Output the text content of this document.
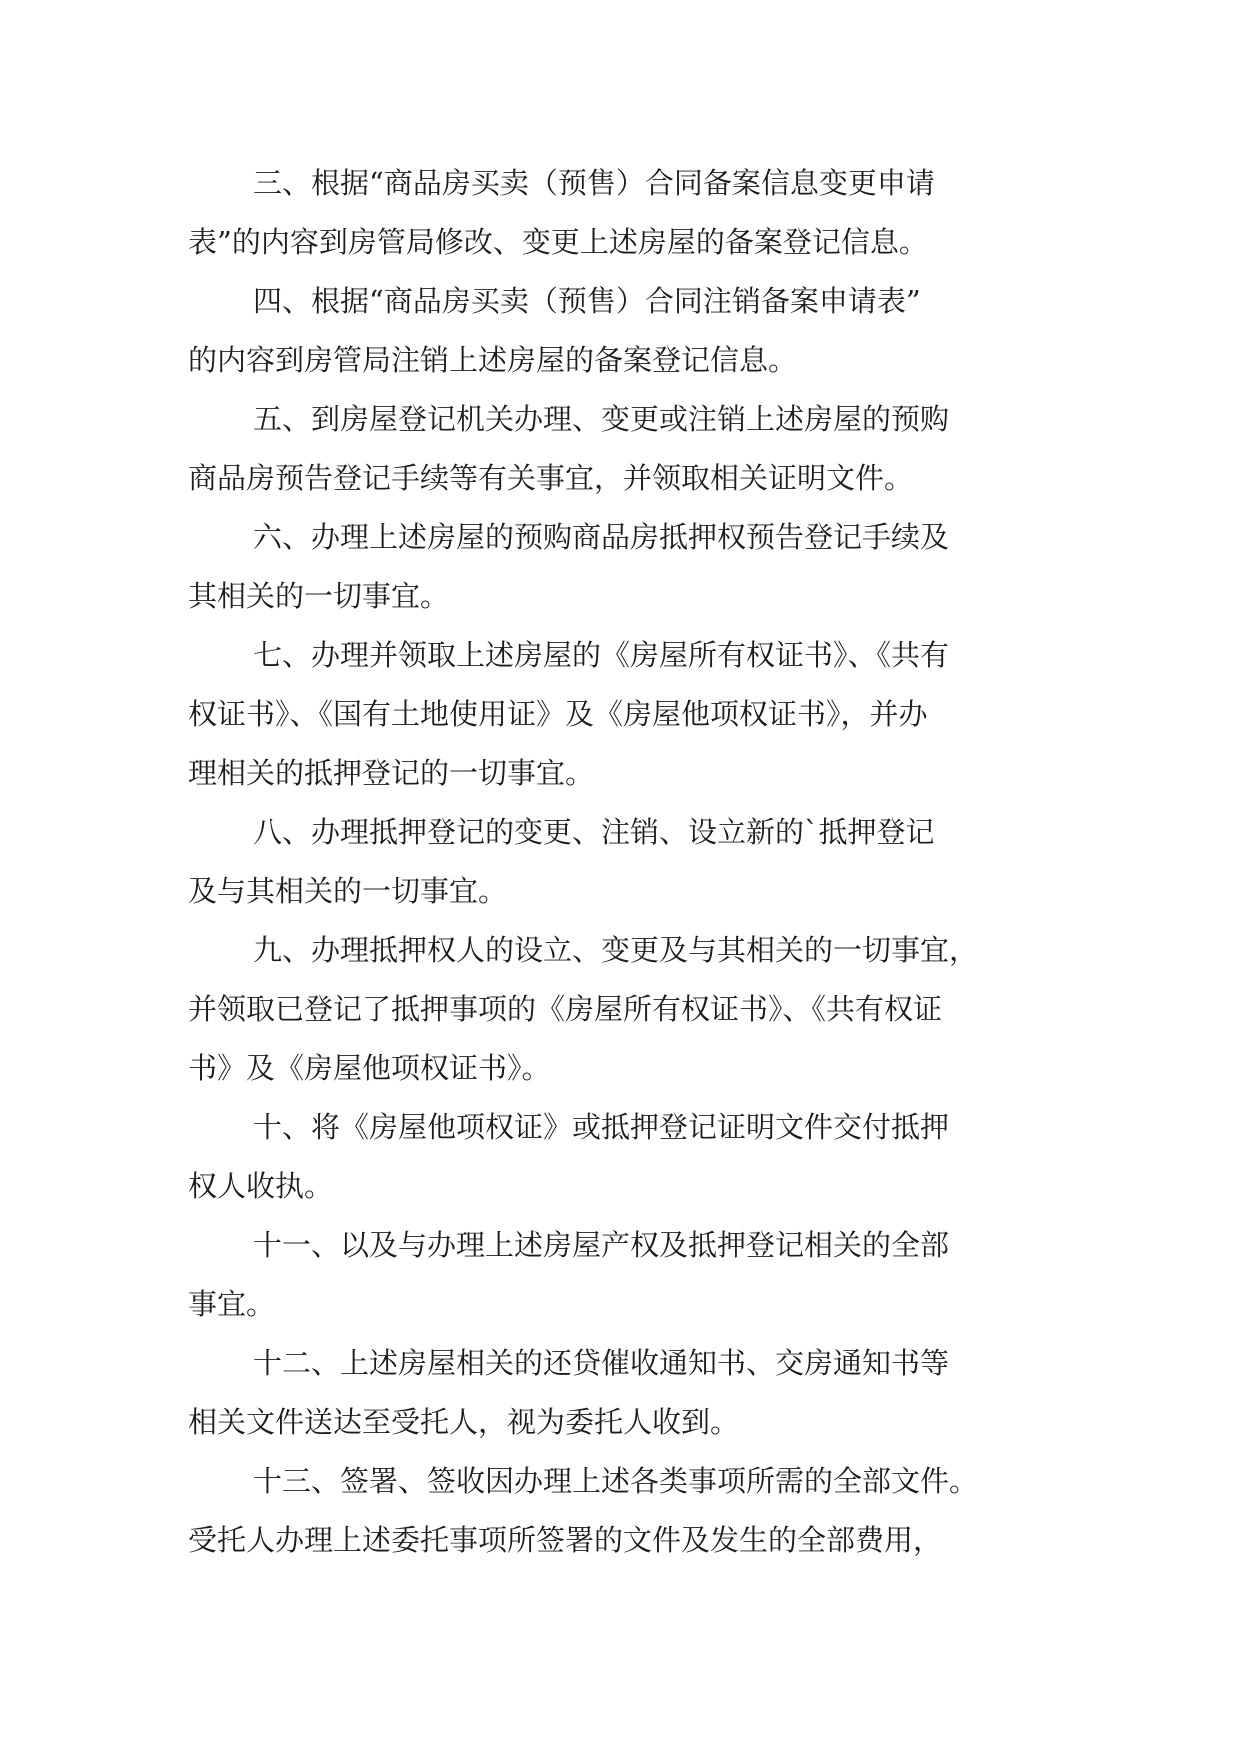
三、根据“商品房买卖（预售）合同备案信息变更申请
表”的内容到房管局修改、变更上述房屋的备案登记信息。
四、根据“商品房买卖（预售）合同注销备案申请表”
的内容到房管局注销上述房屋的备案登记信息。
五、到房屋登记机关办理、变更或注销上述房屋的预购
商品房预告登记手续等有关事宜，并领取相关证明文件。
六、办理上述房屋的预购商品房抵押权预告登记手续及
其相关的一切事宜。
七、办理并领取上述房屋的《房屋所有权证书》、《共有
权证书》、《国有土地使用证》及《房屋他项权证书》，并办
理相关的抵押登记的一切事宜。
八、办理抵押登记的变更、注销、设立新的`抵押登记
及与其相关的一切事宜。
九、办理抵押权人的设立、变更及与其相关的一切事宜，
并领取已登记了抵押事项的《房屋所有权证书》、《共有权证
书》及《房屋他项权证书》。
十、将《房屋他项权证》或抵押登记证明文件交付抵押
权人收执。
十一、以及与办理上述房屋产权及抵押登记相关的全部
事宜。
十二、上述房屋相关的还贷催收通知书、交房通知书等
相关文件送达至受托人，视为委托人收到。
十三、签署、签收因办理上述各类事项所需的全部文件。
受托人办理上述委托事项所签署的文件及发生的全部费用，
